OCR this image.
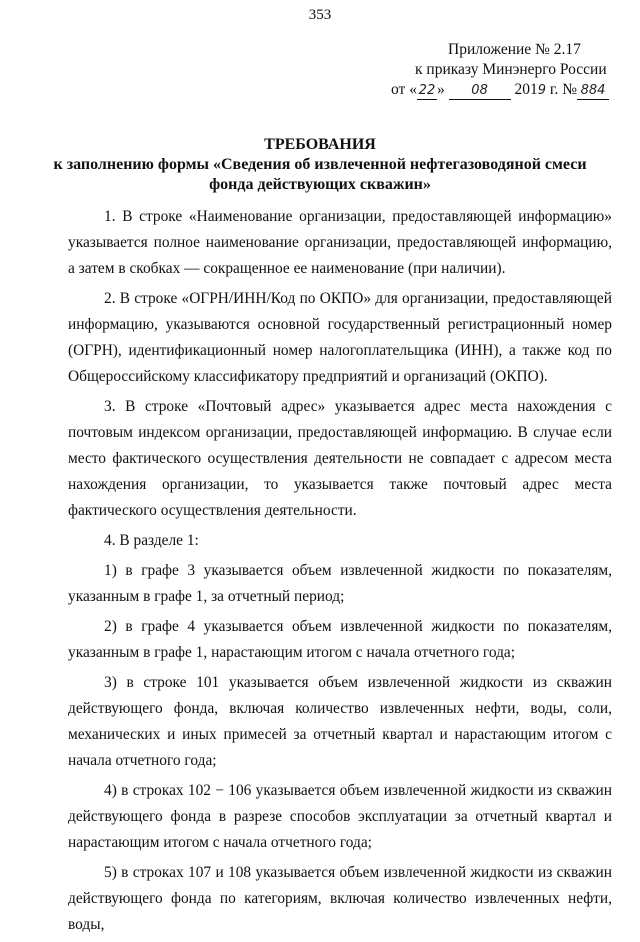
353
Приложение № 2.17
к приказу Минэнерго России
от « 22 » 08 2019 г. № 884
ТРЕБОВАНИЯ
к заполнению формы «Сведения об извлеченной нефтегазоводяной смеси
фонда действующих скважин»

1. В строке «Наименование организации, предоставляющей информацию» указывается полное наименование организации, предоставляющей информацию, а затем в скобках — сокращенное ее наименование (при наличии).

2. В строке «ОГРН/ИНН/Код по ОКПО» для организации, предоставляющей информацию, указываются основной государственный регистрационный номер (ОГРН), идентификационный номер налогоплательщика (ИНН), а также код по Общероссийскому классификатору предприятий и организаций (ОКПО).

3. В строке «Почтовый адрес» указывается адрес места нахождения с почтовым индексом организации, предоставляющей информацию. В случае если место фактического осуществления деятельности не совпадает с адресом места нахождения организации, то указывается также почтовый адрес места фактического осуществления деятельности.

4. В разделе 1:

1) в графе 3 указывается объем извлеченной жидкости по показателям, указанным в графе 1, за отчетный период;

2) в графе 4 указывается объем извлеченной жидкости по показателям, указанным в графе 1, нарастающим итогом с начала отчетного года;

3) в строке 101 указывается объем извлеченной жидкости из скважин действующего фонда, включая количество извлеченных нефти, воды, соли, механических и иных примесей за отчетный квартал и нарастающим итогом с начала отчетного года;

4) в строках 102 − 106 указывается объем извлеченной жидкости из скважин действующего фонда в разрезе способов эксплуатации за отчетный квартал и нарастающим итогом с начала отчетного года;

5) в строках 107 и 108 указывается объем извлеченной жидкости из скважин действующего фонда по категориям, включая количество извлеченных нефти, воды,
